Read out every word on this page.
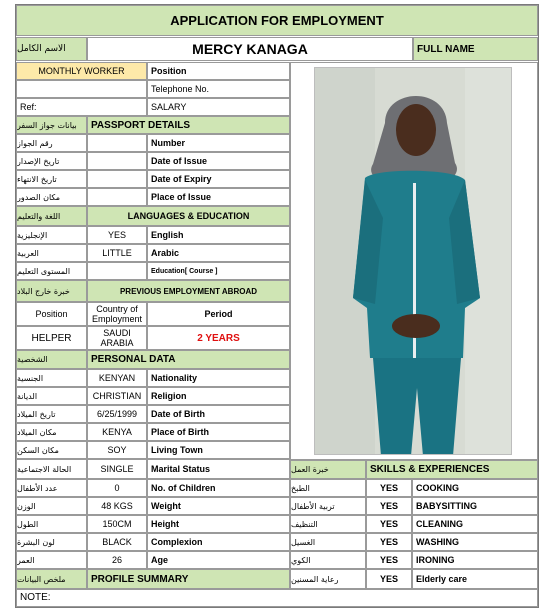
APPLICATION FOR EMPLOYMENT
الاسم الكامل	MERCY KANAGA	FULL NAME
MONTHLY WORKER	Position
Telephone No.
Ref:	SALARY
بيانات جواز السفر	PASSPORT DETAILS
رقم الجواز	Number
تاريخ الإصدار	Date of Issue
تاريخ الانتهاء	Date of Expiry
مكان الصدور	Place of Issue
اللغة والتعليم	LANGUAGES & EDUCATION
الإنجليزية	YES	English
العربية	LITTLE	Arabic
المستوى التعليم	Education[ Course ]
خبرة خارج البلاد	PREVIOUS EMPLOYMENT ABROAD
Position	Country of Employment	Period
HELPER	SAUDI ARABIA	2 YEARS
الشخصية	PERSONAL DATA
الجنسية	KENYAN	Nationality
الديانة	CHRISTIAN	Religion
تاريخ الميلاد	6/25/1999	Date of Birth
مكان الميلاد	KENYA	Place of Birth
مكان السكن	SOY	Living Town
الحالة الاجتماعية	SINGLE	Marital Status
عدد الأطفال	0	No. of Children
الوزن	48 KGS	Weight
الطول	150CM	Height
لون البشرة	BLACK	Complexion
العمر	26	Age
ملخص البيانات	PROFILE SUMMARY
NOTE:
خبرة العمل	SKILLS & EXPERIENCES
الطبخ	YES	COOKING
تربية الأطفال	YES	BABYSITTING
التنظيف	YES	CLEANING
الغسيل	YES	WASHING
الكوي	YES	IRONING
رعاية المسنين	YES	Elderly care
